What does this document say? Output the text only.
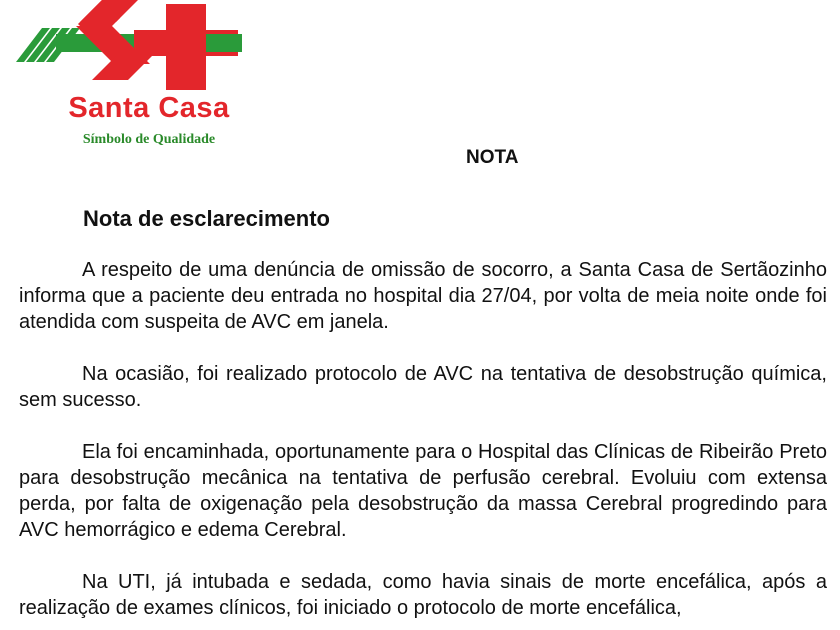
Santa Casa

Símbolo de Qualidade

NOTA
Nota de esclarecimento

A respeito de uma denúncia de omissão de socorro, a Santa Casa de Sertãozinho informa que a paciente deu entrada no hospital dia 27/04, por volta de meia noite onde foi atendida com suspeita de AVC em janela.

Na ocasião, foi realizado protocolo de AVC na tentativa de desobstrução química, sem sucesso.

Ela foi encaminhada, oportunamente para o Hospital das Clínicas de Ribeirão Preto para desobstrução mecânica na tentativa de perfusão cerebral. Evoluiu com extensa perda, por falta de oxigenação pela desobstrução da massa Cerebral progredindo para AVC hemorrágico e edema Cerebral.

Na UTI, já intubada e sedada, como havia sinais de morte encefálica, após a realização de exames clínicos, foi iniciado o protocolo de morte encefálica,
